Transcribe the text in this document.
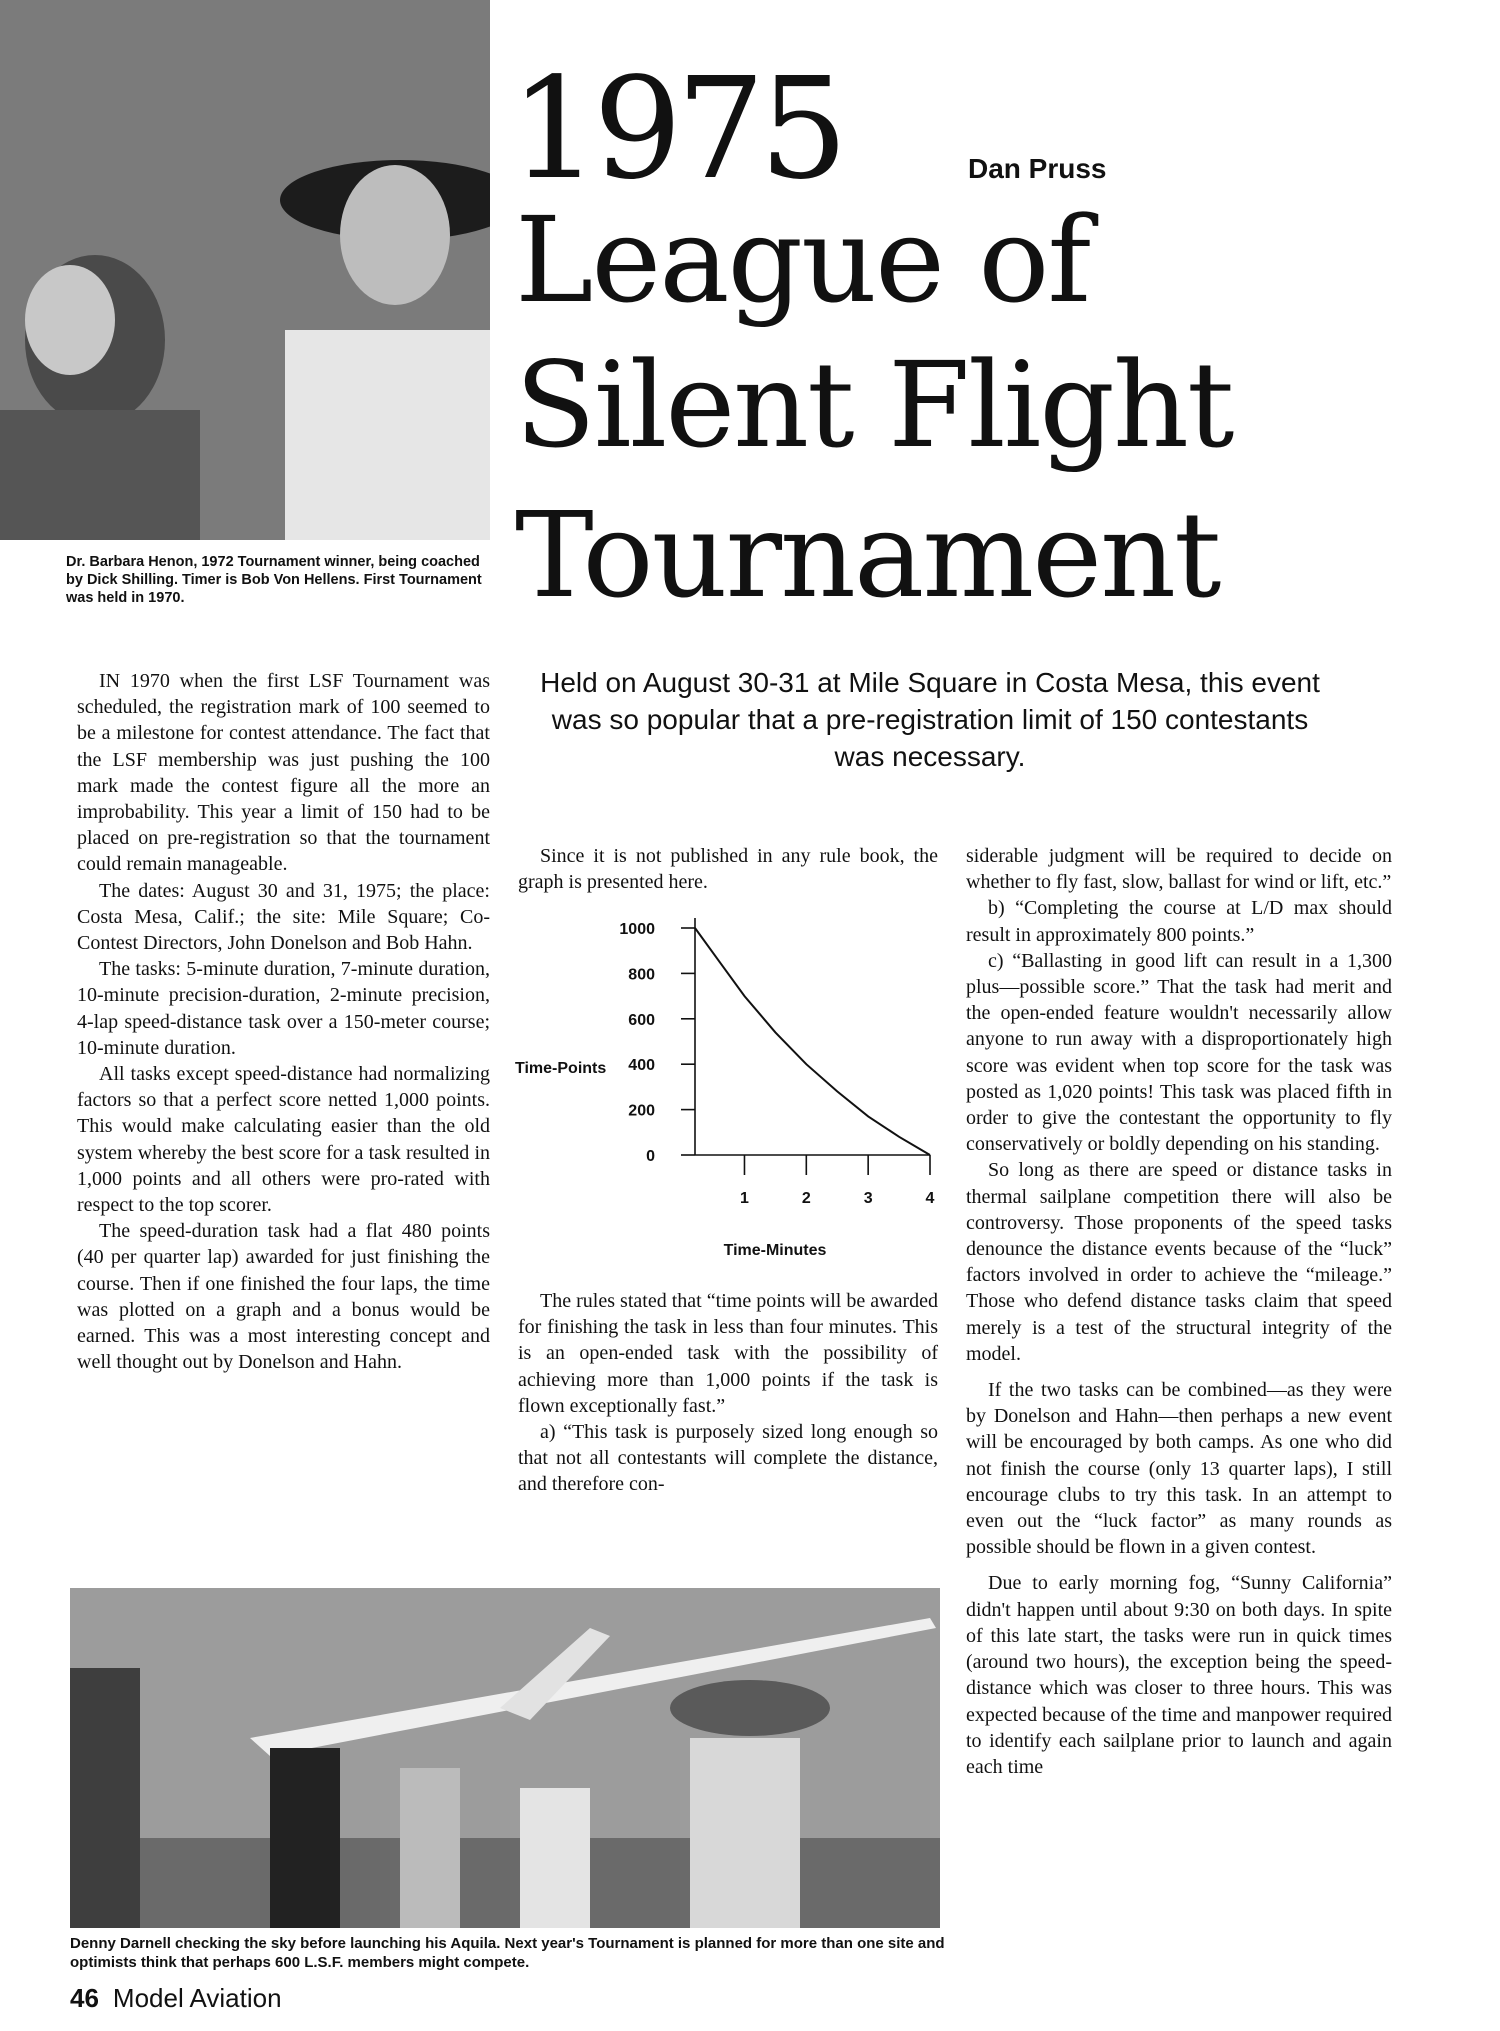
Dr. Barbara Henon, 1972 Tournament winner, being coached by Dick Shilling. Timer is Bob Von Hellens. First Tournament was held in 1970.
1975	Dan Pruss
League of
Silent Flight
Tournament
Held on August 30-31 at Mile Square in Costa Mesa, this event was so popular that a pre-registration limit of 150 contestants was necessary.

IN 1970 when the first LSF Tournament was scheduled, the registration mark of 100 seemed to be a milestone for contest attendance. The fact that the LSF membership was just pushing the 100 mark made the contest figure all the more an improbability. This year a limit of 150 had to be placed on pre-registration so that the tournament could remain manageable.

The dates: August 30 and 31, 1975; the place: Costa Mesa, Calif.; the site: Mile Square; Co-Contest Directors, John Donelson and Bob Hahn.

The tasks: 5-minute duration, 7-minute duration, 10-minute precision-duration, 2-minute precision, 4-lap speed-distance task over a 150-meter course; 10-minute duration.

All tasks except speed-distance had normalizing factors so that a perfect score netted 1,000 points. This would make calculating easier than the old system whereby the best score for a task resulted in 1,000 points and all others were pro-rated with respect to the top scorer.

The speed-duration task had a flat 480 points (40 per quarter lap) awarded for just finishing the course. Then if one finished the four laps, the time was plotted on a graph and a bonus would be earned. This was a most interesting concept and well thought out by Donelson and Hahn.

Since it is not published in any rule book, the graph is presented here.

0
200
400
600
800
1000
1	2	3	4
Time-Points
Time-Minutes

The rules stated that “time points will be awarded for finishing the task in less than four minutes. This is an open-ended task with the possibility of achieving more than 1,000 points if the task is flown exceptionally fast.”

a) “This task is purposely sized long enough so that not all contestants will complete the distance, and therefore con-

siderable judgment will be required to decide on whether to fly fast, slow, ballast for wind or lift, etc.”

b) “Completing the course at L/D max should result in approximately 800 points.”

c) “Ballasting in good lift can result in a 1,300 plus—possible score.” That the task had merit and the open-ended feature wouldn't necessarily allow anyone to run away with a disproportionately high score was evident when top score for the task was posted as 1,020 points! This task was placed fifth in order to give the contestant the opportunity to fly conservatively or boldly depending on his standing.

So long as there are speed or distance tasks in thermal sailplane competition there will also be controversy. Those proponents of the speed tasks denounce the distance events because of the “luck” factors involved in order to achieve the “mileage.” Those who defend distance tasks claim that speed merely is a test of the structural integrity of the model.

If the two tasks can be combined—as they were by Donelson and Hahn—then perhaps a new event will be encouraged by both camps. As one who did not finish the course (only 13 quarter laps), I still encourage clubs to try this task. In an attempt to even out the “luck factor” as many rounds as possible should be flown in a given contest.

Due to early morning fog, “Sunny California” didn't happen until about 9:30 on both days. In spite of this late start, the tasks were run in quick times (around two hours), the exception being the speed-distance which was closer to three hours. This was expected because of the time and manpower required to identify each sailplane prior to launch and again each time

Denny Darnell checking the sky before launching his Aquila. Next year's Tournament is planned for more than one site and optimists think that perhaps 600 L.S.F. members might compete.
46 Model Aviation
